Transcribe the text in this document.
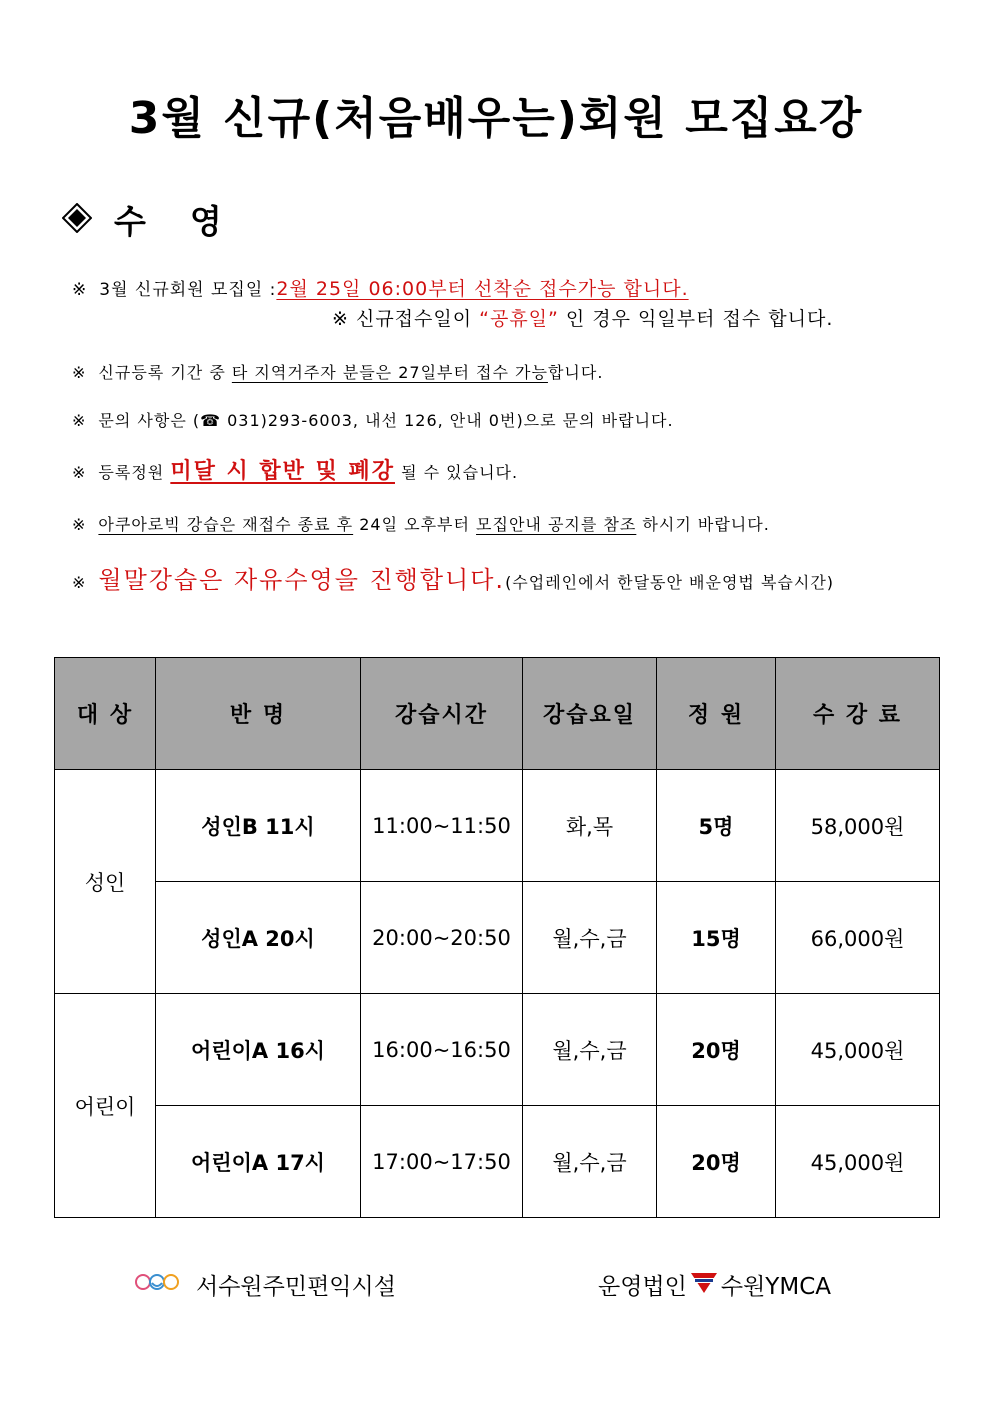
3월 신규(처음배우는)회원 모집요강
수영
※ 3월 신규회원 모집일 :2월 25일 06:00부터 선착순 접수가능 합니다.
※ 신규접수일이 “공휴일” 인 경우 익일부터 접수 합니다.
※ 신규등록 기간 중 타 지역거주자 분들은 27일부터 접수 가능합니다.
※ 문의 사항은 (☎ 031)293-6003, 내선 126, 안내 0번)으로 문의 바랍니다.
※ 등록정원 미달 시 합반 및 폐강 될 수 있습니다.
※ 아쿠아로빅 강습은 재접수 종료 후 24일 오후부터 모집안내 공지를 참조 하시기 바랍니다.
※ 월말강습은 자유수영을 진행합니다.(수업레인에서 한달동안 배운영법 복습시간)
대 상	반 명	강습시간	강습요일	정 원	수 강 료
성인	성인B 11시	11:00~11:50	화,목	5명	58,000원
	성인A 20시	20:00~20:50	월,수,금	15명	66,000원
어린이	어린이A 16시	16:00~16:50	월,수,금	20명	45,000원
	어린이A 17시	17:00~17:50	월,수,금	20명	45,000원
서수원주민편익시설	운영법인 수원YMCA
